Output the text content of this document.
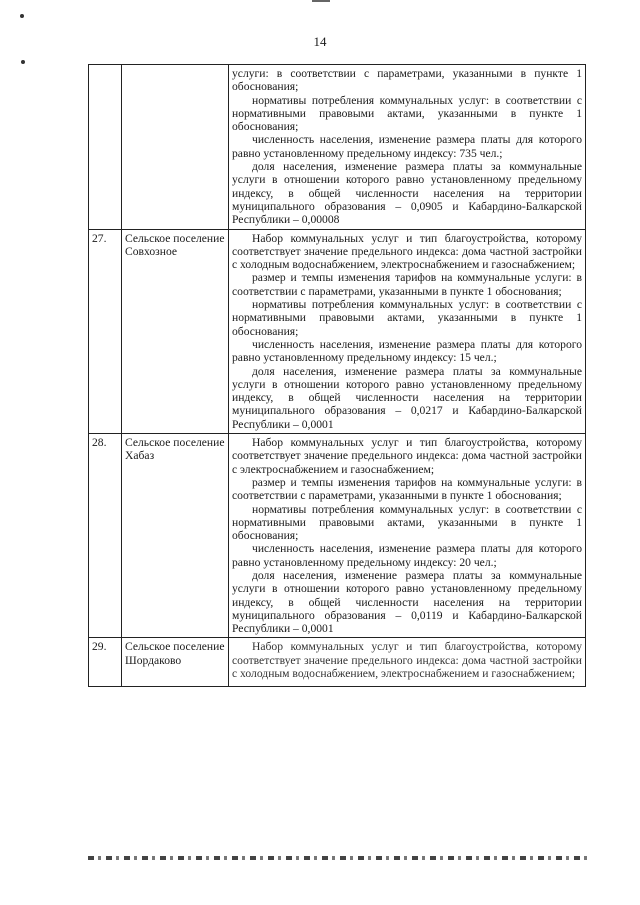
14

		услуги: в соответствии с параметрами, указанными в пункте 1 обоснования;

нормативы потребления коммунальных услуг: в соответствии с нормативными правовыми актами, указанными в пункте 1 обоснования;

численность населения, изменение размера платы для которого равно установленному предельному индексу: 735 чел.;

доля населения, изменение размера платы за коммунальные услуги в отношении которого равно установленному предельному индексу, в общей численности населения на территории муниципального образования – 0,0905 и Кабардино-Балкарской Республики – 0,00008

27.	Сельское поселение Совхозное	Набор коммунальных услуг и тип благоустройства, которому соответствует значение предельного индекса: дома частной застройки с холодным водоснабжением, электроснабжением и газоснабжением;

размер и темпы изменения тарифов на коммунальные услуги: в соответствии с параметрами, указанными в пункте 1 обоснования;

нормативы потребления коммунальных услуг: в соответствии с нормативными правовыми актами, указанными в пункте 1 обоснования;

численность населения, изменение размера платы для которого равно установленному предельному индексу: 15 чел.;

доля населения, изменение размера платы за коммунальные услуги в отношении которого равно установленному предельному индексу, в общей численности населения на территории муниципального образования – 0,0217 и Кабардино-Балкарской Республики – 0,0001

28.	Сельское поселение Хабаз	Набор коммунальных услуг и тип благоустройства, которому соответствует значение предельного индекса: дома частной застройки с электроснабжением и газоснабжением;

размер и темпы изменения тарифов на коммунальные услуги: в соответствии с параметрами, указанными в пункте 1 обоснования;

нормативы потребления коммунальных услуг: в соответствии с нормативными правовыми актами, указанными в пункте 1 обоснования;

численность населения, изменение размера платы для которого равно установленному предельному индексу: 20 чел.;

доля населения, изменение размера платы за коммунальные услуги в отношении которого равно установленному предельному индексу, в общей численности населения на территории муниципального образования – 0,0119 и Кабардино-Балкарской Республики – 0,0001

29.	Сельское поселение Шордаково	Набор коммунальных услуг и тип благоустройства, которому соответствует значение предельного индекса: дома частной застройки с холодным водоснабжением, электроснабжением и газоснабжением;
